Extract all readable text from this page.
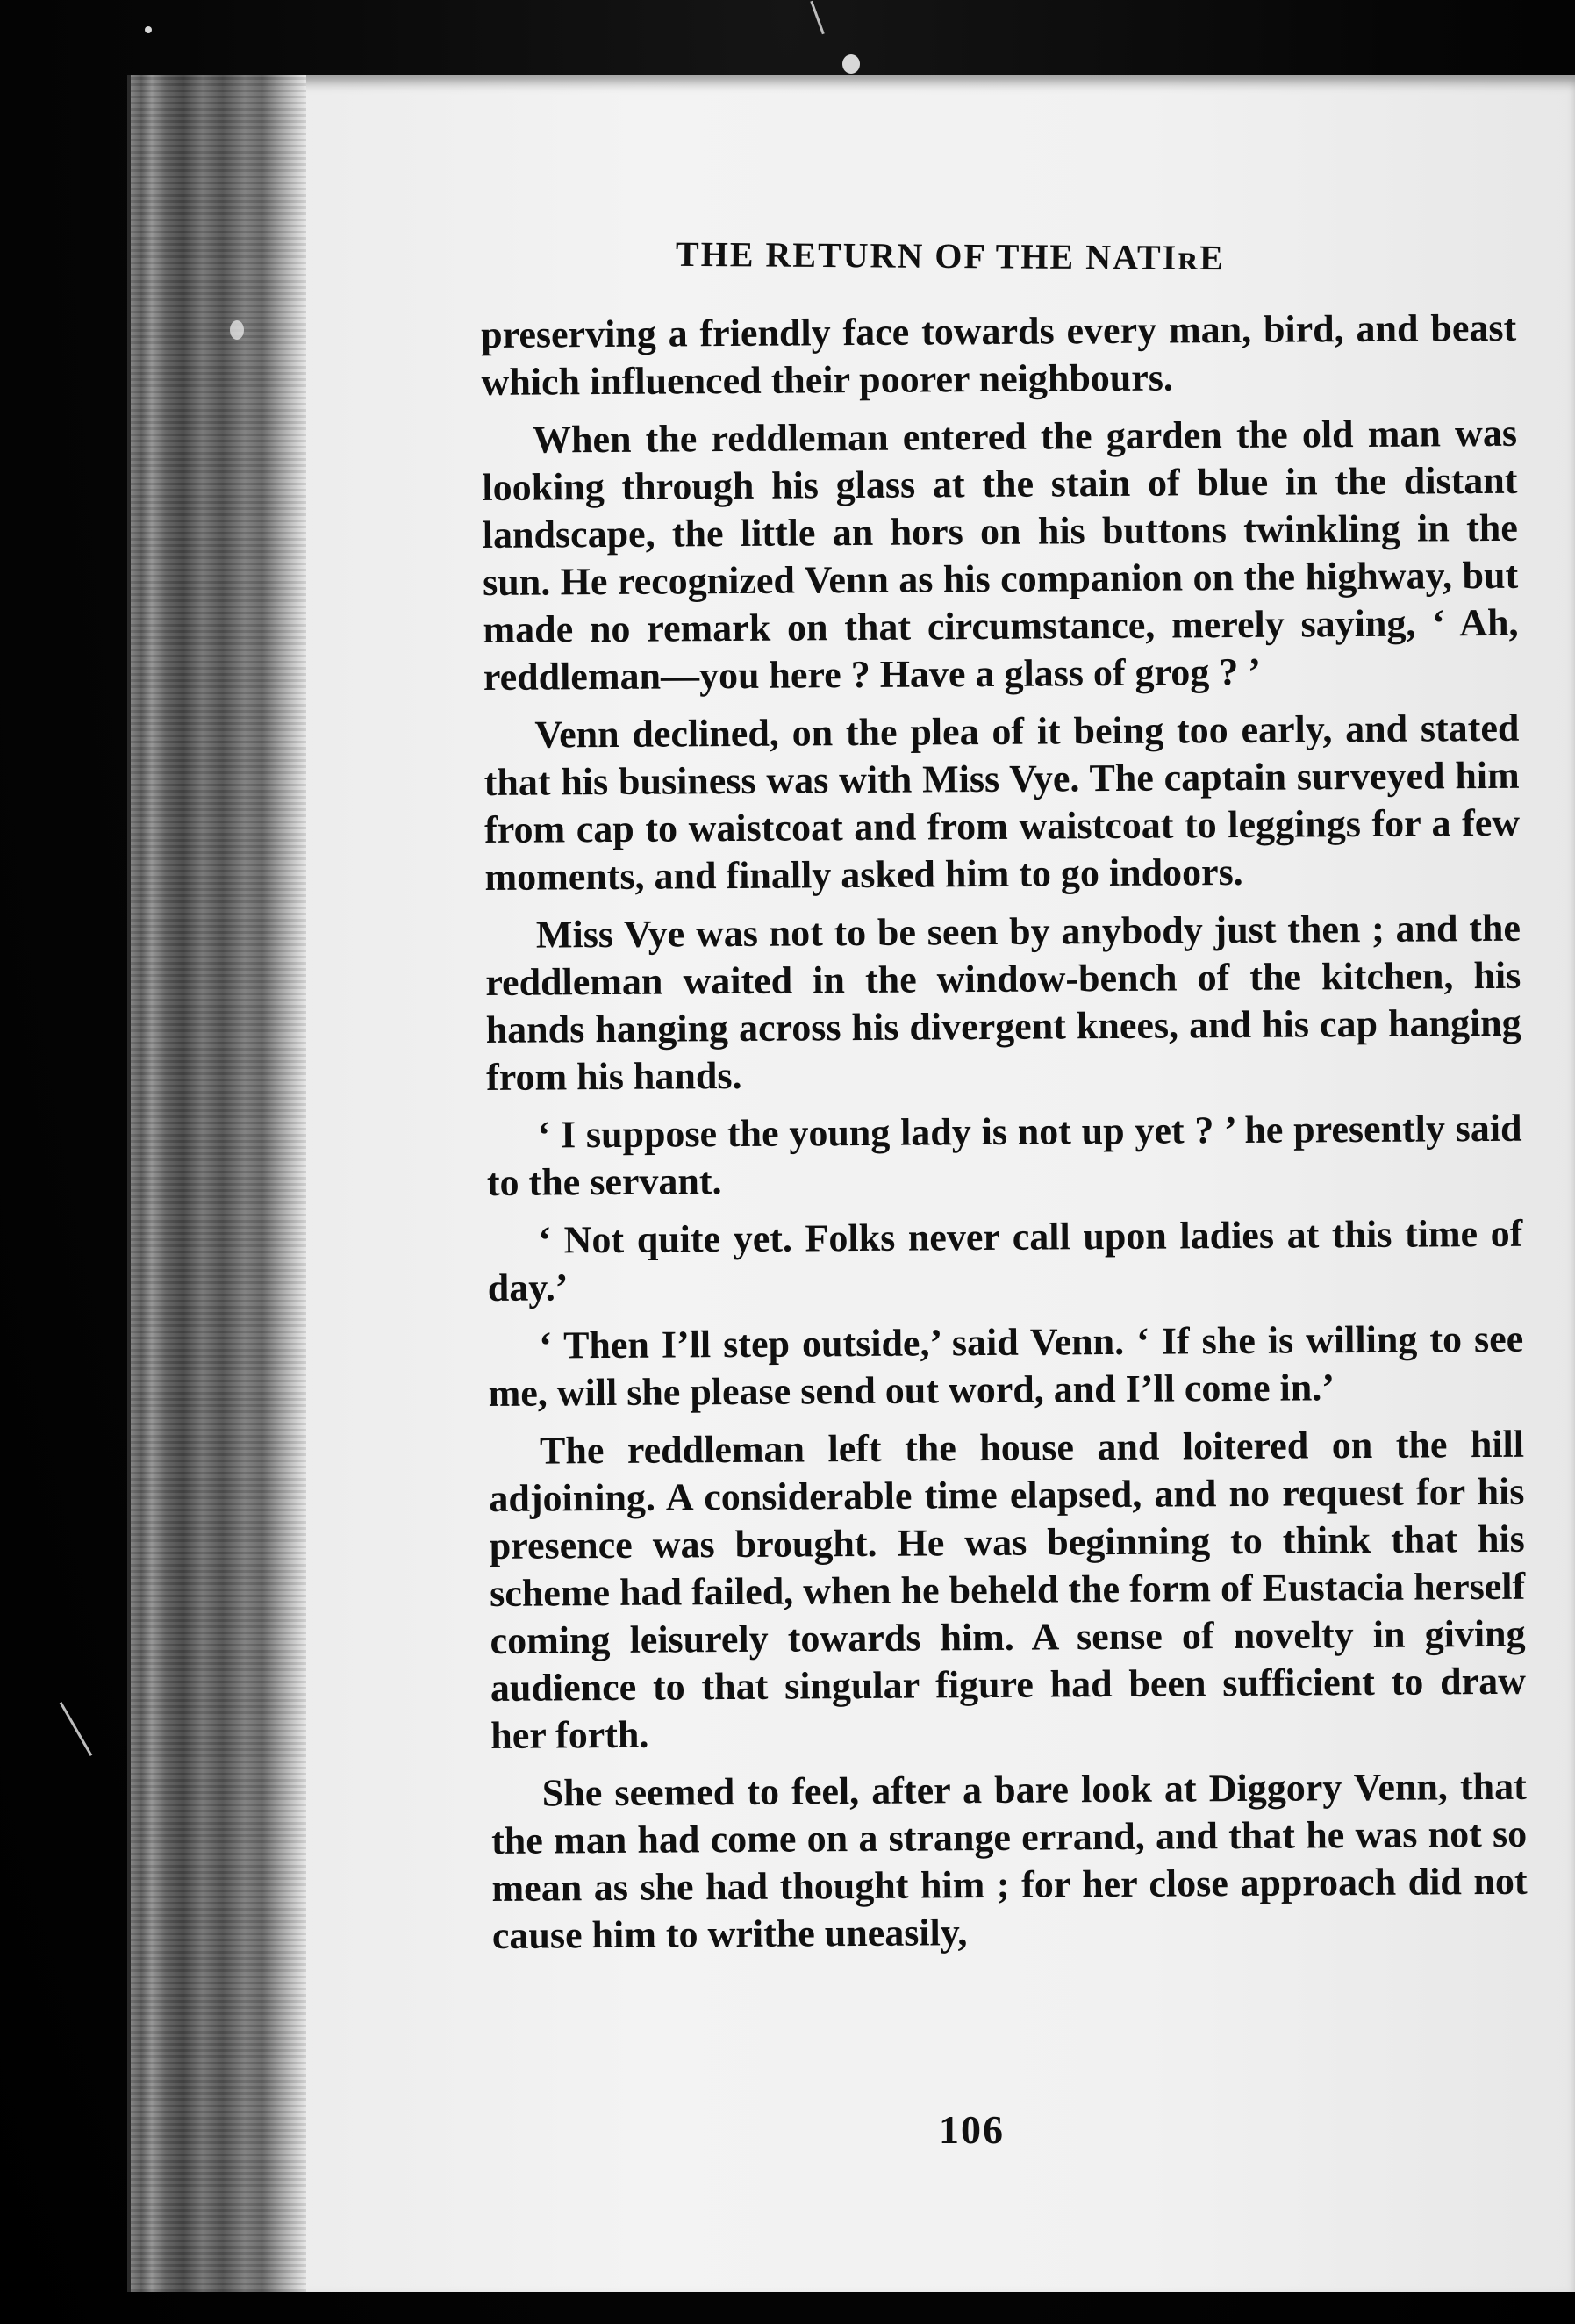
THE RETURN OF THE NATIʀE

preserving a friendly face towards every man, bird, and beast which influenced their poorer neighbours.

When the reddleman entered the garden the old man was looking through his glass at the stain of blue in the distant landscape, the little an hors on his buttons twinkling in the sun. He recognized Venn as his companion on the highway, but made no remark on that circumstance, merely saying, ‘ Ah, reddleman—you here ? Have a glass of grog ? ’

Venn declined, on the plea of it being too early, and stated that his business was with Miss Vye. The captain surveyed him from cap to waistcoat and from waistcoat to leggings for a few moments, and finally asked him to go indoors.

Miss Vye was not to be seen by anybody just then ; and the reddleman waited in the window-bench of the kitchen, his hands hanging across his divergent knees, and his cap hanging from his hands.

‘ I suppose the young lady is not up yet ? ’ he presently said to the servant.

‘ Not quite yet. Folks never call upon ladies at this time of day.’

‘ Then I’ll step outside,’ said Venn. ‘ If she is willing to see me, will she please send out word, and I’ll come in.’

The reddleman left the house and loitered on the hill adjoining. A considerable time elapsed, and no request for his presence was brought. He was beginning to think that his scheme had failed, when he beheld the form of Eustacia herself coming leisurely towards him. A sense of novelty in giving audience to that singular figure had been sufficient to draw her forth.

She seemed to feel, after a bare look at Diggory Venn, that the man had come on a strange errand, and that he was not so mean as she had thought him ; for her close approach did not cause him to writhe uneasily,

106
